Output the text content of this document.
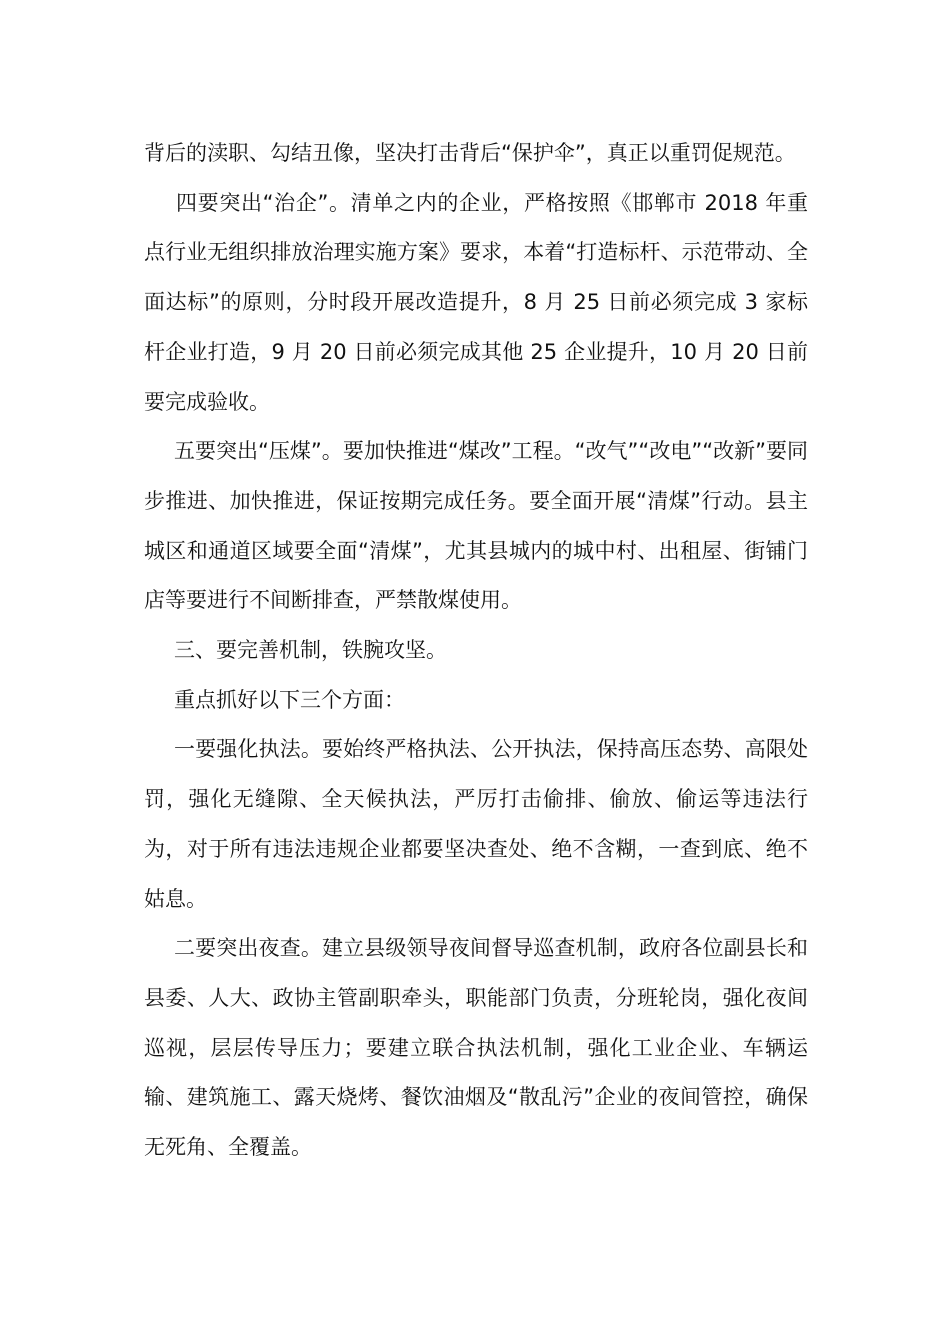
背后的渎职、勾结丑像，坚决打击背后“保护伞”，真正以重罚促规范。

四要突出“治企”。清单之内的企业，严格按照《邯郸市 2018 年重点行业无组织排放治理实施方案》要求，本着“打造标杆、示范带动、全面达标”的原则，分时段开展改造提升，8 月 25 日前必须完成 3 家标杆企业打造，9 月 20 日前必须完成其他 25 企业提升，10 月 20 日前要完成验收。

五要突出“压煤”。要加快推进“煤改”工程。“改气”“改电”“改新”要同步推进、加快推进，保证按期完成任务。要全面开展“清煤”行动。县主城区和通道区域要全面“清煤”，尤其县城内的城中村、出租屋、街铺门店等要进行不间断排查，严禁散煤使用。

三、要完善机制，铁腕攻坚。

重点抓好以下三个方面：

一要强化执法。要始终严格执法、公开执法，保持高压态势、高限处罚，强化无缝隙、全天候执法，严厉打击偷排、偷放、偷运等违法行为，对于所有违法违规企业都要坚决查处、绝不含糊，一查到底、绝不姑息。

二要突出夜查。建立县级领导夜间督导巡查机制，政府各位副县长和县委、人大、政协主管副职牵头，职能部门负责，分班轮岗，强化夜间巡视，层层传导压力；要建立联合执法机制，强化工业企业、车辆运输、建筑施工、露天烧烤、餐饮油烟及“散乱污”企业的夜间管控，确保无死角、全覆盖。
